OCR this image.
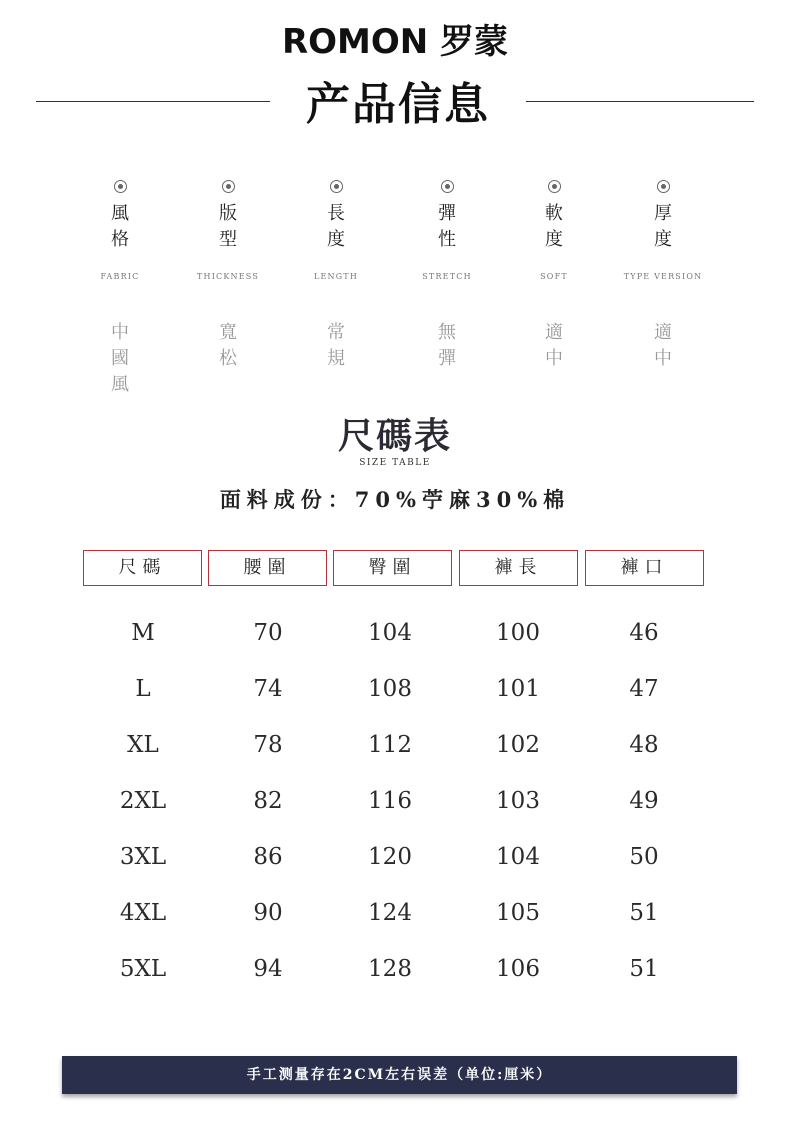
ROMON 罗蒙
产品信息
風格
FABRIC
中國風
版型
THICKNESS
寬松
長度
LENGTH
常規
彈性
STRETCH
無彈
軟度
SOFT
適中
厚度
TYPE VERSION
適中
尺碼表
SIZE TABLE
面料成份：70%苧麻30%棉
尺碼	腰圍	臀圍	褲長	褲口
M	70	104	100	46
L	74	108	101	47
XL	78	112	102	48
2XL	82	116	103	49
3XL	86	120	104	50
4XL	90	124	105	51
5XL	94	128	106	51
手工测量存在2CM左右误差（单位:厘米）
